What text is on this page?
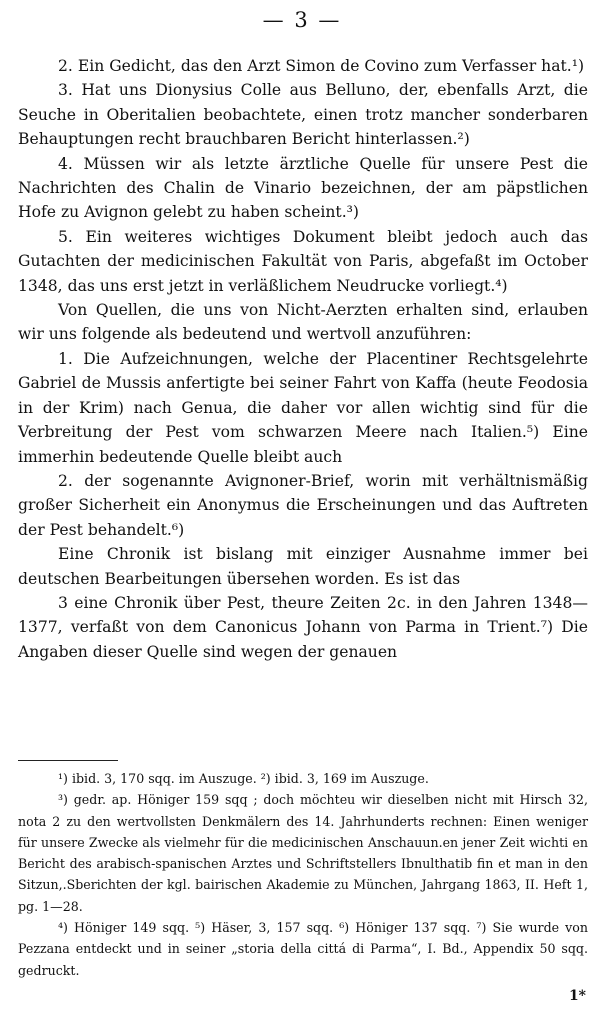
— 3 —

2. Ein Gedicht, das den Arzt Simon de Covino zum Verfasser hat.¹)

3. Hat uns Dionysius Colle aus Belluno, der, ebenfalls Arzt, die Seuche in Oberitalien beobachtete, einen trotz mancher sonderbaren Behauptungen recht brauchbaren Bericht hinterlassen.²)

4. Müssen wir als letzte ärztliche Quelle für unsere Pest die Nachrichten des Chalin de Vinario bezeichnen, der am päpstlichen Hofe zu Avignon gelebt zu haben scheint.³)

5. Ein weiteres wichtiges Dokument bleibt jedoch auch das Gutachten der medicinischen Fakultät von Paris, abgefaßt im October 1348, das uns erst jetzt in verläßlichem Neudrucke vorliegt.⁴)

Von Quellen, die uns von Nicht-Aerzten erhalten sind, erlauben wir uns folgende als bedeutend und wertvoll anzuführen:

1. Die Aufzeichnungen, welche der Placentiner Rechtsgelehrte Gabriel de Mussis anfertigte bei seiner Fahrt von Kaffa (heute Feodosia in der Krim) nach Genua, die daher vor allen wichtig sind für die Verbreitung der Pest vom schwarzen Meere nach Italien.⁵) Eine immerhin bedeutende Quelle bleibt auch

2. der sogenannte Avignoner-Brief, worin mit verhältnismäßig großer Sicherheit ein Anonymus die Erscheinungen und das Auftreten der Pest behandelt.⁶)

Eine Chronik ist bislang mit einziger Ausnahme immer bei deutschen Bearbeitungen übersehen worden. Es ist das

3 eine Chronik über Pest, theure Zeiten 2c. in den Jahren 1348—1377, verfaßt von dem Canonicus Johann von Parma in Trient.⁷) Die Angaben dieser Quelle sind wegen der genauen

¹) ibid. 3, 170 sqq. im Auszuge. ²) ibid. 3, 169 im Auszuge.

³) gedr. ap. Höniger 159 sqq ; doch möchteu wir dieselben nicht mit Hirsch 32, nota 2 zu den wertvollsten Denkmälern des 14. Jahrhunderts rechnen: Einen weniger für unsere Zwecke als vielmehr für die medicinischen Anschauun.en jener Zeit wichti en Bericht des arabisch-spanischen Arztes und Schriftstellers Ibnulthatib fin et man in den Sitzun,.Sberichten der kgl. bairischen Akademie zu München, Jahrgang 1863, II. Heft 1, pg. 1—28.

⁴) Höniger 149 sqq. ⁵) Häser, 3, 157 sqq. ⁶) Höniger 137 sqq. ⁷) Sie wurde von Pezzana entdeckt und in seiner „storia della cittá di Parma“, I. Bd., Appendix 50 sqq. gedruckt.

1*
